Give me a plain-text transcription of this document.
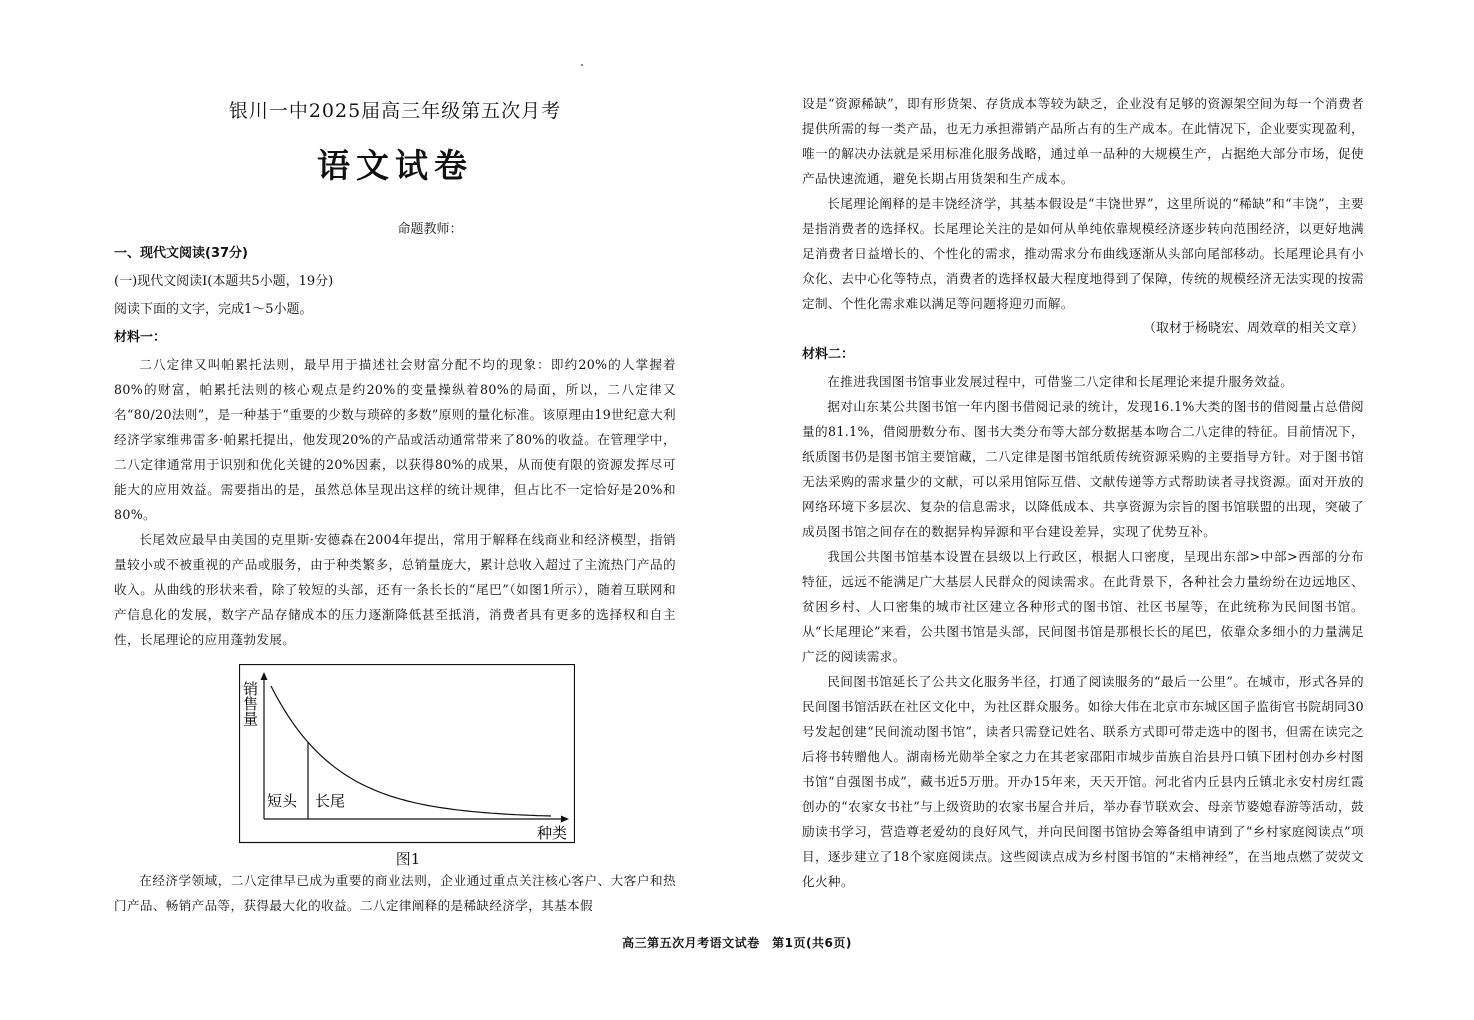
银川一中2025届高三年级第五次月考
语文试卷
命题教师：

一、现代文阅读(37分)

(一)现代文阅读Ⅰ(本题共5小题，19分)

阅读下面的文字，完成1～5小题。

材料一：

二八定律又叫帕累托法则，最早用于描述社会财富分配不均的现象：即约20%的人掌握着80%的财富，帕累托法则的核心观点是约20%的变量操纵着80%的局面，所以，二八定律又名“80/20法则”，是一种基于“重要的少数与琐碎的多数”原则的量化标准。该原理由19世纪意大利经济学家维弗雷多·帕累托提出，他发现20%的产品或活动通常带来了80%的收益。在管理学中，二八定律通常用于识别和优化关键的20%因素，以获得80%的成果，从而使有限的资源发挥尽可能大的应用效益。需要指出的是，虽然总体呈现出这样的统计规律，但占比不一定恰好是20%和80%。

长尾效应最早由美国的克里斯·安德森在2004年提出，常用于解释在线商业和经济模型，指销量较小或不被重视的产品或服务，由于种类繁多，总销量庞大，累计总收入超过了主流热门产品的收入。从曲线的形状来看，除了较短的头部，还有一条长长的“尾巴”（如图1所示），随着互联网和产信息化的发展，数字产品存储成本的压力逐渐降低甚至抵消，消费者具有更多的选择权和自主性，长尾理论的应用蓬勃发展。

销
售
量
短头 长尾
种类
图1

在经济学领域，二八定律早已成为重要的商业法则，企业通过重点关注核心客户、大客户和热门产品、畅销产品等，获得最大化的收益。二八定律阐释的是稀缺经济学，其基本假

设是“资源稀缺”，即有形货架、存货成本等较为缺乏，企业没有足够的资源架空间为每一个消费者提供所需的每一类产品，也无力承担滞销产品所占有的生产成本。在此情况下，企业要实现盈利，唯一的解决办法就是采用标准化服务战略，通过单一品种的大规模生产，占据绝大部分市场，促使产品快速流通，避免长期占用货架和生产成本。

长尾理论阐释的是丰饶经济学，其基本假设是“丰饶世界”，这里所说的“稀缺”和“丰饶”，主要是指消费者的选择权。长尾理论关注的是如何从单纯依靠规模经济逐步转向范围经济，以更好地满足消费者日益增长的、个性化的需求，推动需求分布曲线逐渐从头部向尾部移动。长尾理论具有小众化、去中心化等特点，消费者的选择权最大程度地得到了保障，传统的规模经济无法实现的按需定制、个性化需求难以满足等问题将迎刃而解。

（取材于杨晓宏、周效章的相关文章）

材料二：

在推进我国图书馆事业发展过程中，可借鉴二八定律和长尾理论来提升服务效益。

据对山东某公共图书馆一年内图书借阅记录的统计，发现16.1%大类的图书的借阅量占总借阅量的81.1%，借阅册数分布、图书大类分布等大部分数据基本吻合二八定律的特征。目前情况下，纸质图书仍是图书馆主要馆藏，二八定律是图书馆纸质传统资源采购的主要指导方针。对于图书馆无法采购的需求量少的文献，可以采用馆际互借、文献传递等方式帮助读者寻找资源。面对开放的网络环境下多层次、复杂的信息需求，以降低成本、共享资源为宗旨的图书馆联盟的出现，突破了成员图书馆之间存在的数据异构异源和平台建设差异，实现了优势互补。

我国公共图书馆基本设置在县级以上行政区，根据人口密度，呈现出东部>中部>西部的分布特征，远远不能满足广大基层人民群众的阅读需求。在此背景下，各种社会力量纷纷在边远地区、贫困乡村、人口密集的城市社区建立各种形式的图书馆、社区书屋等，在此统称为民间图书馆。从“长尾理论”来看，公共图书馆是头部，民间图书馆是那根长长的尾巴，依靠众多细小的力量满足广泛的阅读需求。

民间图书馆延长了公共文化服务半径，打通了阅读服务的“最后一公里”。在城市，形式各异的民间图书馆活跃在社区文化中，为社区群众服务。如徐大伟在北京市东城区国子监街官书院胡同30号发起创建“民间流动图书馆”，读者只需登记姓名、联系方式即可带走选中的图书，但需在读完之后将书转赠他人。湖南杨光勋举全家之力在其老家邵阳市城步苗族自治县丹口镇下团村创办乡村图书馆“自强图书成”，藏书近5万册。开办15年来，天天开馆。河北省内丘县内丘镇北永安村房红霞创办的“农家女书社”与上级资助的农家书屋合并后，举办春节联欢会、母亲节婆媳春游等活动，鼓励读书学习，营造尊老爱幼的良好风气，并向民间图书馆协会筹备组申请到了“乡村家庭阅读点”项目，逐步建立了18个家庭阅读点。这些阅读点成为乡村图书馆的“末梢神经”，在当地点燃了荧荧文化火种。

高三第五次月考语文试卷　第1页(共6页)
